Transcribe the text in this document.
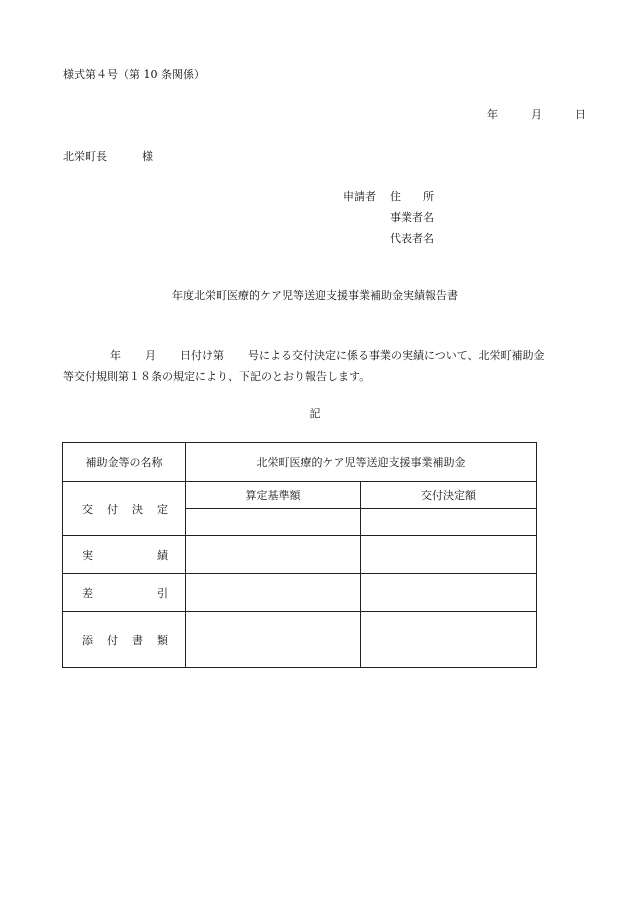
様式第４号（第 10 条関係）
年	月	日
北栄町長	様
申請者 住　　所
事業者名
代表者名
年度北栄町医療的ケア児等送迎支援事業補助金実績報告書
年 月 日付け第 号による交付決定に係る事業の実績について、北栄町補助金
等交付規則第１８条の規定により、下記のとおり報告します。
記
補助金等の名称	北栄町医療的ケア児等送迎支援事業補助金	

交 付 決 定	算定基準額	交付決定額

実 績		

差 引		

添 付 書 類		
